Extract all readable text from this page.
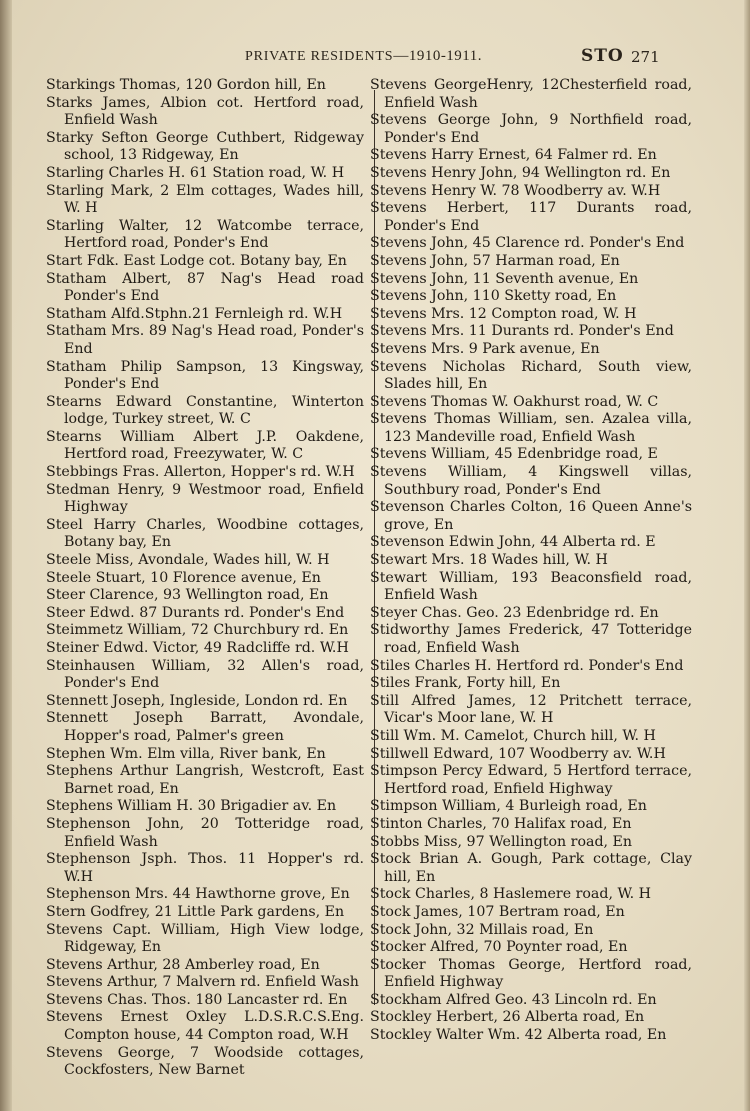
PRIVATE RESIDENTS—1910-1911.	STO 271

Starkings Thomas, 120 Gordon hill, En

Starks James, Albion cot. Hertford road, Enfield Wash

Starky Sefton George Cuthbert, Ridgeway school, 13 Ridgeway, En

Starling Charles H. 61 Station road, W. H

Starling Mark, 2 Elm cottages, Wades hill, W. H

Starling Walter, 12 Watcombe terrace, Hertford road, Ponder's End

Start Fdk. East Lodge cot. Botany bay, En

Statham Albert, 87 Nag's Head road Ponder's End

Statham Alfd.Stphn.21 Fernleigh rd. W.H

Statham Mrs. 89 Nag's Head road, Ponder's End

Statham Philip Sampson, 13 Kingsway, Ponder's End

Stearns Edward Constantine, Winterton lodge, Turkey street, W. C

Stearns William Albert J.P. Oakdene, Hertford road, Freezywater, W. C

Stebbings Fras. Allerton, Hopper's rd. W.H

Stedman Henry, 9 Westmoor road, Enfield Highway

Steel Harry Charles, Woodbine cottages, Botany bay, En

Steele Miss, Avondale, Wades hill, W. H

Steele Stuart, 10 Florence avenue, En

Steer Clarence, 93 Wellington road, En

Steer Edwd. 87 Durants rd. Ponder's End

Steimmetz William, 72 Churchbury rd. En

Steiner Edwd. Victor, 49 Radcliffe rd. W.H

Steinhausen William, 32 Allen's road, Ponder's End

Stennett Joseph, Ingleside, London rd. En

Stennett Joseph Barratt, Avondale, Hopper's road, Palmer's green

Stephen Wm. Elm villa, River bank, En

Stephens Arthur Langrish, Westcroft, East Barnet road, En

Stephens William H. 30 Brigadier av. En

Stephenson John, 20 Totteridge road, Enfield Wash

Stephenson Jsph. Thos. 11 Hopper's rd. W.H

Stephenson Mrs. 44 Hawthorne grove, En

Stern Godfrey, 21 Little Park gardens, En

Stevens Capt. William, High View lodge, Ridgeway, En

Stevens Arthur, 28 Amberley road, En

Stevens Arthur, 7 Malvern rd. Enfield Wash

Stevens Chas. Thos. 180 Lancaster rd. En

Stevens Ernest Oxley L.D.S.R.C.S.Eng. Compton house, 44 Compton road, W.H

Stevens George, 7 Woodside cottages, Cockfosters, New Barnet

Stevens GeorgeHenry, 12Chesterfield road, Enfield Wash

Stevens George John, 9 Northfield road, Ponder's End

Stevens Harry Ernest, 64 Falmer rd. En

Stevens Henry John, 94 Wellington rd. En

Stevens Henry W. 78 Woodberry av. W.H

Stevens Herbert, 117 Durants road, Ponder's End

Stevens John, 45 Clarence rd. Ponder's End

Stevens John, 57 Harman road, En

Stevens John, 11 Seventh avenue, En

Stevens John, 110 Sketty road, En

Stevens Mrs. 12 Compton road, W. H

Stevens Mrs. 11 Durants rd. Ponder's End

Stevens Mrs. 9 Park avenue, En

Stevens Nicholas Richard, South view, Slades hill, En

Stevens Thomas W. Oakhurst road, W. C

Stevens Thomas William, sen. Azalea villa, 123 Mandeville road, Enfield Wash

Stevens William, 45 Edenbridge road, E

Stevens William, 4 Kingswell villas, Southbury road, Ponder's End

Stevenson Charles Colton, 16 Queen Anne's grove, En

Stevenson Edwin John, 44 Alberta rd. E

Stewart Mrs. 18 Wades hill, W. H

Stewart William, 193 Beaconsfield road, Enfield Wash

Steyer Chas. Geo. 23 Edenbridge rd. En

Stidworthy James Frederick, 47 Totteridge road, Enfield Wash

Stiles Charles H. Hertford rd. Ponder's End

Stiles Frank, Forty hill, En

Still Alfred James, 12 Pritchett terrace, Vicar's Moor lane, W. H

Still Wm. M. Camelot, Church hill, W. H

Stillwell Edward, 107 Woodberry av. W.H

Stimpson Percy Edward, 5 Hertford terrace, Hertford road, Enfield Highway

Stimpson William, 4 Burleigh road, En

Stinton Charles, 70 Halifax road, En

Stobbs Miss, 97 Wellington road, En

Stock Brian A. Gough, Park cottage, Clay hill, En

Stock Charles, 8 Haslemere road, W. H

Stock James, 107 Bertram road, En

Stock John, 32 Millais road, En

Stocker Alfred, 70 Poynter road, En

Stocker Thomas George, Hertford road, Enfield Highway

Stockham Alfred Geo. 43 Lincoln rd. En

Stockley Herbert, 26 Alberta road, En

Stockley Walter Wm. 42 Alberta road, En
